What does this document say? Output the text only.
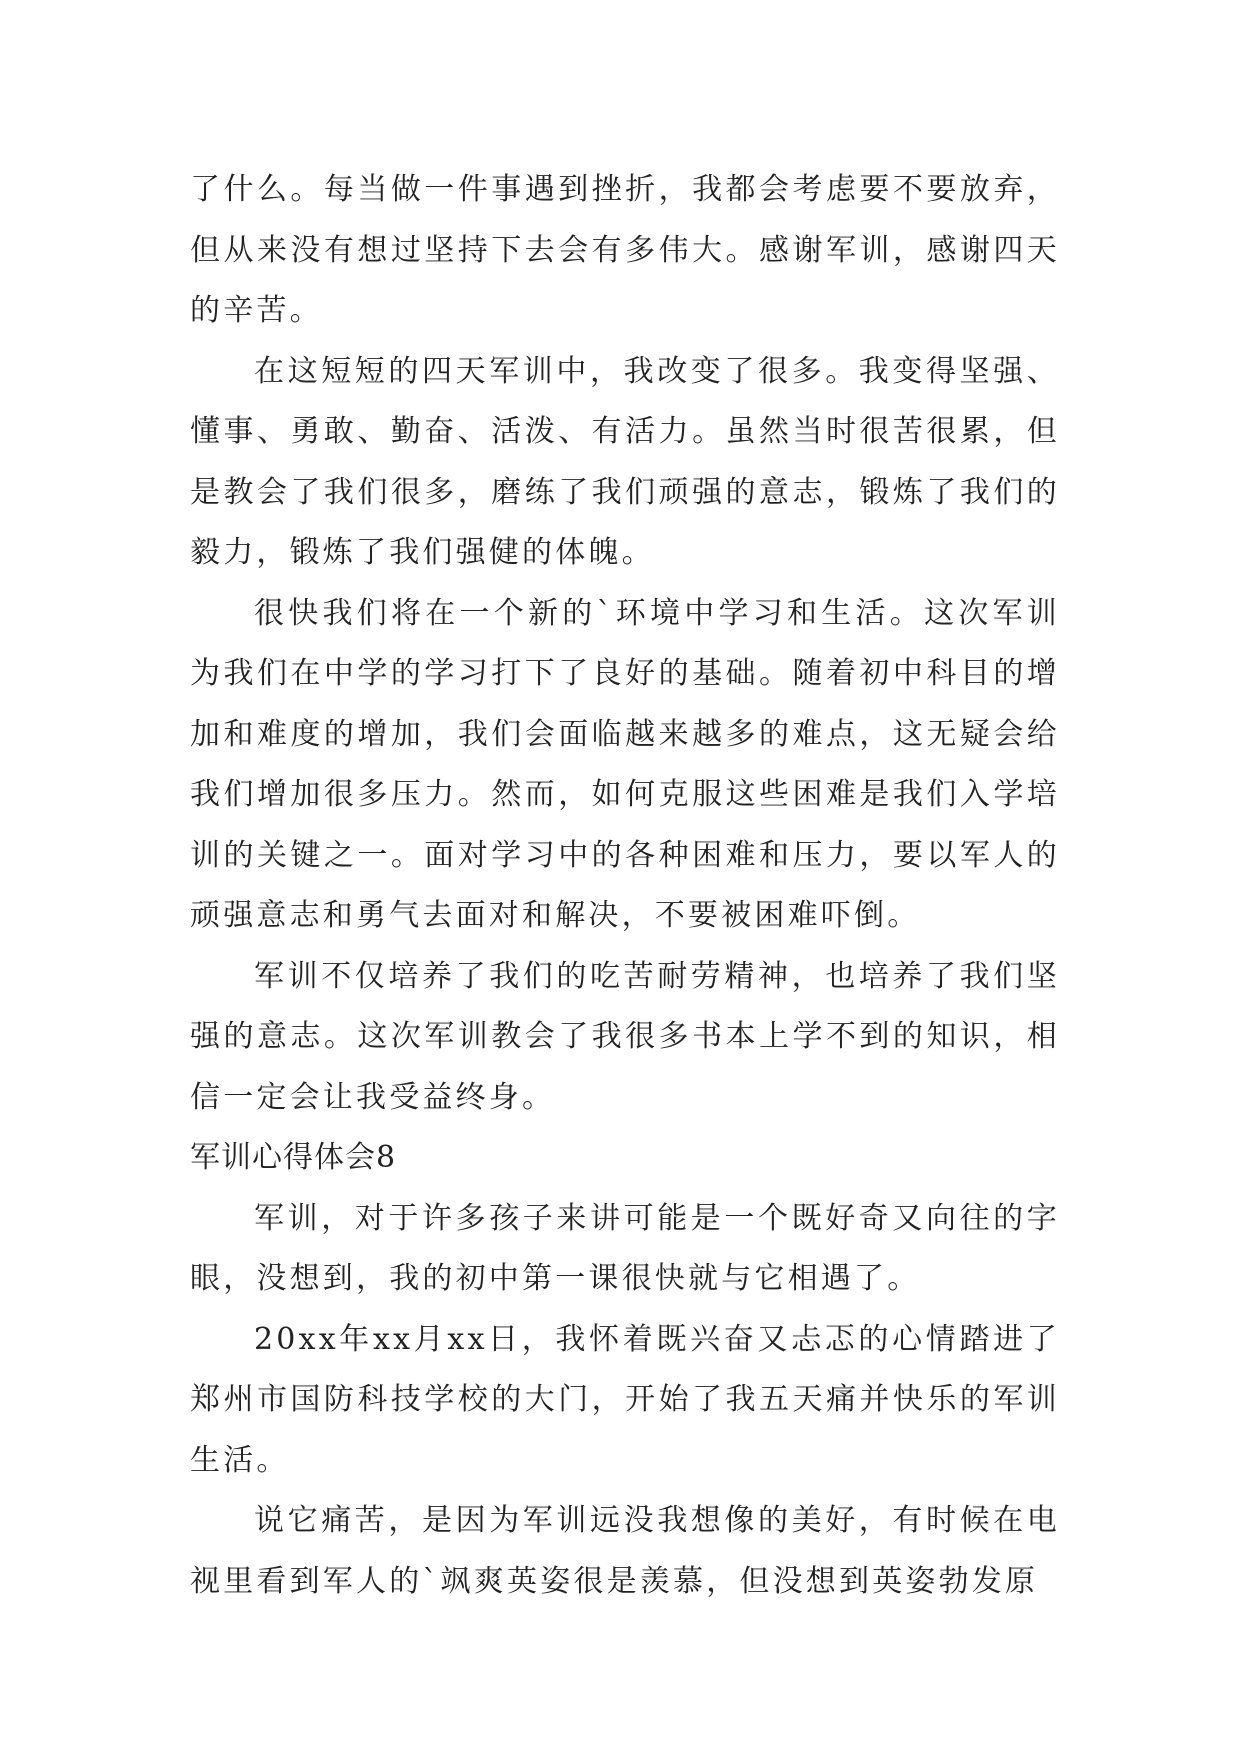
了什么。每当做一件事遇到挫折，我都会考虑要不要放弃，但从来没有想过坚持下去会有多伟大。感谢军训，感谢四天的辛苦。

在这短短的四天军训中，我改变了很多。我变得坚强、懂事、勇敢、勤奋、活泼、有活力。虽然当时很苦很累，但是教会了我们很多，磨练了我们顽强的意志，锻炼了我们的毅力，锻炼了我们强健的体魄。

很快我们将在一个新的`环境中学习和生活。这次军训为我们在中学的学习打下了良好的基础。随着初中科目的增加和难度的增加，我们会面临越来越多的难点，这无疑会给我们增加很多压力。然而，如何克服这些困难是我们入学培训的关键之一。面对学习中的各种困难和压力，要以军人的顽强意志和勇气去面对和解决，不要被困难吓倒。

军训不仅培养了我们的吃苦耐劳精神，也培养了我们坚强的意志。这次军训教会了我很多书本上学不到的知识，相信一定会让我受益终身。

军训心得体会8

军训，对于许多孩子来讲可能是一个既好奇又向往的字眼，没想到，我的初中第一课很快就与它相遇了。

20xx年xx月xx日，我怀着既兴奋又忐忑的心情踏进了郑州市国防科技学校的大门，开始了我五天痛并快乐的军训生活。

说它痛苦，是因为军训远没我想像的美好，有时候在电视里看到军人的`飒爽英姿很是羡慕，但没想到英姿勃发原
